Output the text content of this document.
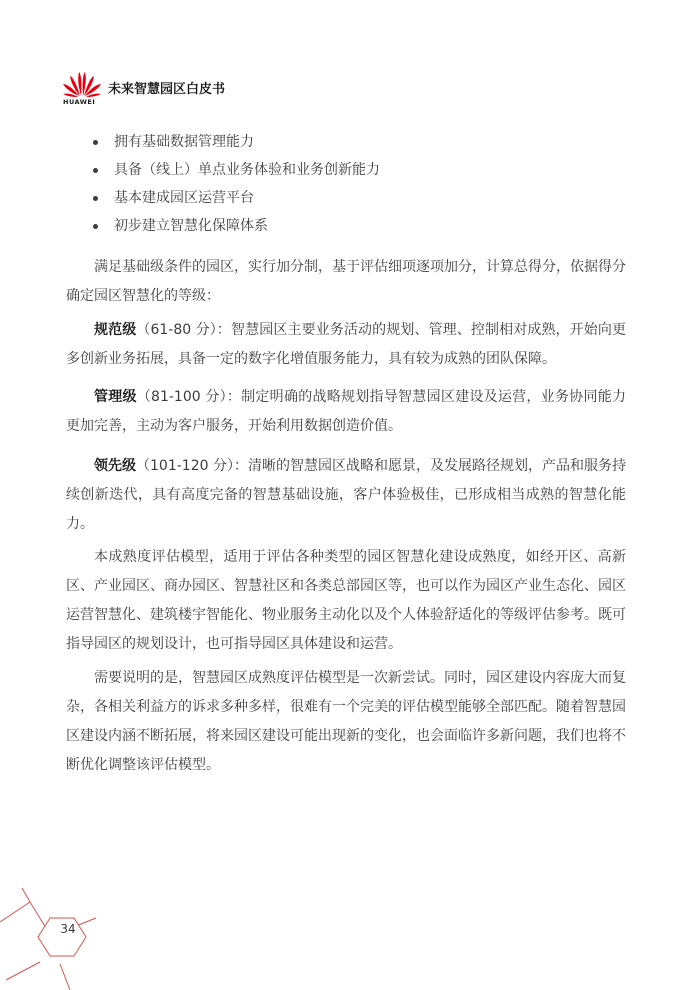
HUAWEI
未来智慧园区白皮书
拥有基础数据管理能力
具备（线上）单点业务体验和业务创新能力
基本建成园区运营平台
初步建立智慧化保障体系

满足基础级条件的园区，实行加分制，基于评估细项逐项加分，计算总得分，依据得分确定园区智慧化的等级：

规范级（61-80 分）：智慧园区主要业务活动的规划、管理、控制相对成熟，开始向更多创新业务拓展，具备一定的数字化增值服务能力，具有较为成熟的团队保障。

管理级（81-100 分）：制定明确的战略规划指导智慧园区建设及运营，业务协同能力更加完善，主动为客户服务，开始利用数据创造价值。

领先级（101-120 分）：清晰的智慧园区战略和愿景，及发展路径规划，产品和服务持续创新迭代，具有高度完备的智慧基础设施，客户体验极佳，已形成相当成熟的智慧化能力。

本成熟度评估模型，适用于评估各种类型的园区智慧化建设成熟度，如经开区、高新区、产业园区、商办园区、智慧社区和各类总部园区等，也可以作为园区产业生态化、园区运营智慧化、建筑楼宇智能化、物业服务主动化以及个人体验舒适化的等级评估参考。既可指导园区的规划设计，也可指导园区具体建设和运营。

需要说明的是，智慧园区成熟度评估模型是一次新尝试。同时，园区建设内容庞大而复杂，各相关利益方的诉求多种多样，很难有一个完美的评估模型能够全部匹配。随着智慧园区建设内涵不断拓展，将来园区建设可能出现新的变化，也会面临许多新问题，我们也将不断优化调整该评估模型。

34
